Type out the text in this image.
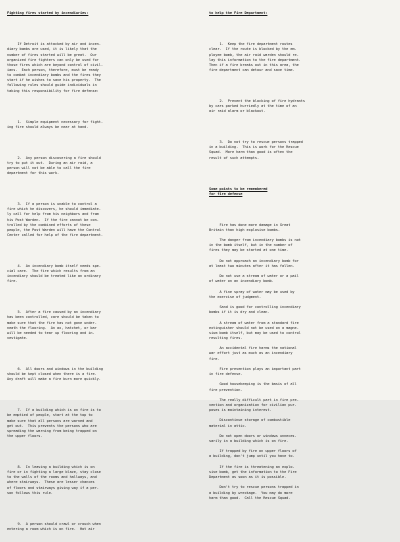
Fighting fires started by incendiaries:

If Detroit is attacked by air and incen-
diary bombs are used, it is likely that the
number of fires started will be great.  Our
organized fire fighters can only be used for
those fires which are beyond control of civil-
ians.  Each person, therefore, must be ready
to combat incendiary bombs and the fires they
start if he wishes to save his property.  The
following rules should guide individuals in
taking this responsibility for fire defense:

1.  Simple equipment necessary for fight-
ing fire should always be near at hand.

2.  Any person discovering a fire should
try to put it out.  During an air raid, a
person will not be able to call the fire
department for this work.

3.  If a person is unable to control a
fire which he discovers, he should immediate-
ly call for help from his neighbors and from
his Post Warden.  If the fire cannot be con-
trolled by the combined efforts of these
people, the Post Warden will have the Control
Center called for help of the fire department.

4.  An incendiary bomb itself needs spe-
cial care.  The fire which results from an
incendiary should be treated like an ordinary
fire.

5.  After a fire caused by an incendiary
has been controlled, care should be taken to
make sure that the fire has not gone under-
neath the flooring.  An ax, hatchet, or bar
will be needed to tear up flooring and in-
vestigate.

6.  All doors and windows in the building
should be kept closed when there is a fire.
Any draft will make a fire burn more quickly.

7.  If a building which is on fire is to
be emptied of people, start at the top to
make sure that all persons are warned and
get out.  This prevents the persons who are
spreading the warning from being trapped on
the upper floors.

8.  In leaving a building which is on
fire or in fighting a large blaze, stay close
to the walls of the rooms and hallways, and
where stairways.  These are lesser chances
of floors and stairways giving way if a per-
son follows this rule.

9.  A person should crawl or crouch when
entering a room which is on fire.  Hot air

to help the Fire Department:

1.  Keep the fire department routes
clear.  If the route is blocked by the em-
ployee bomb, the air raid warden should re-
lay this information to the fire department.
Then if a fire breaks out in this area, the
fire department can detour and save time.

2.  Prevent the blocking of fire hydrants
by cars parked hurriedly at the time of an
air raid alarm or blackout.

3.  Do not try to rescue persons trapped
in a building.  This is work for the Rescue
Squad.  More harm than good is often the
result of such attempts.

Some points to be remembered
for fire defense

Fire has done more damage in Great
Britain than high explosive bombs.
The danger from incendiary bombs is not
in the bomb itself, but in the number of
fires they may be started at one time.
Do not approach an incendiary bomb for
at least two minutes after it has fallen.
Do not use a stream of water or a pail
of water on an incendiary bomb.
A fine spray of water may be used by
the exercise of judgment.
Sand is good for controlling incendiary
bombs if it is dry and clean.
A stream of water from a standard fire
extinguisher should not be used on a magne-
sium bomb itself, but may be used to control
resulting fires.
An accidental fire harms the national
war effort just as much as an incendiary
fire.
Fire prevention plays an important part
in fire defense.
Good housekeeping is the basis of all
fire prevention.
The really difficult part in fire pre-
vention and organization for civilian pur-
poses is maintaining interest.
Discontinue storage of combustible
material in attic.
Do not open doors or windows unneces-
sarily in a building which is on fire.
If trapped by fire on upper floors of
a building, don't jump until you have to.
If the fire is threatening an explo-
sive bomb, get the information to the Fire
Department as soon as it is possible.
Don't try to rescue persons trapped in
a building by wreckage.  You may do more
harm than good.  Call the Rescue Squad.
